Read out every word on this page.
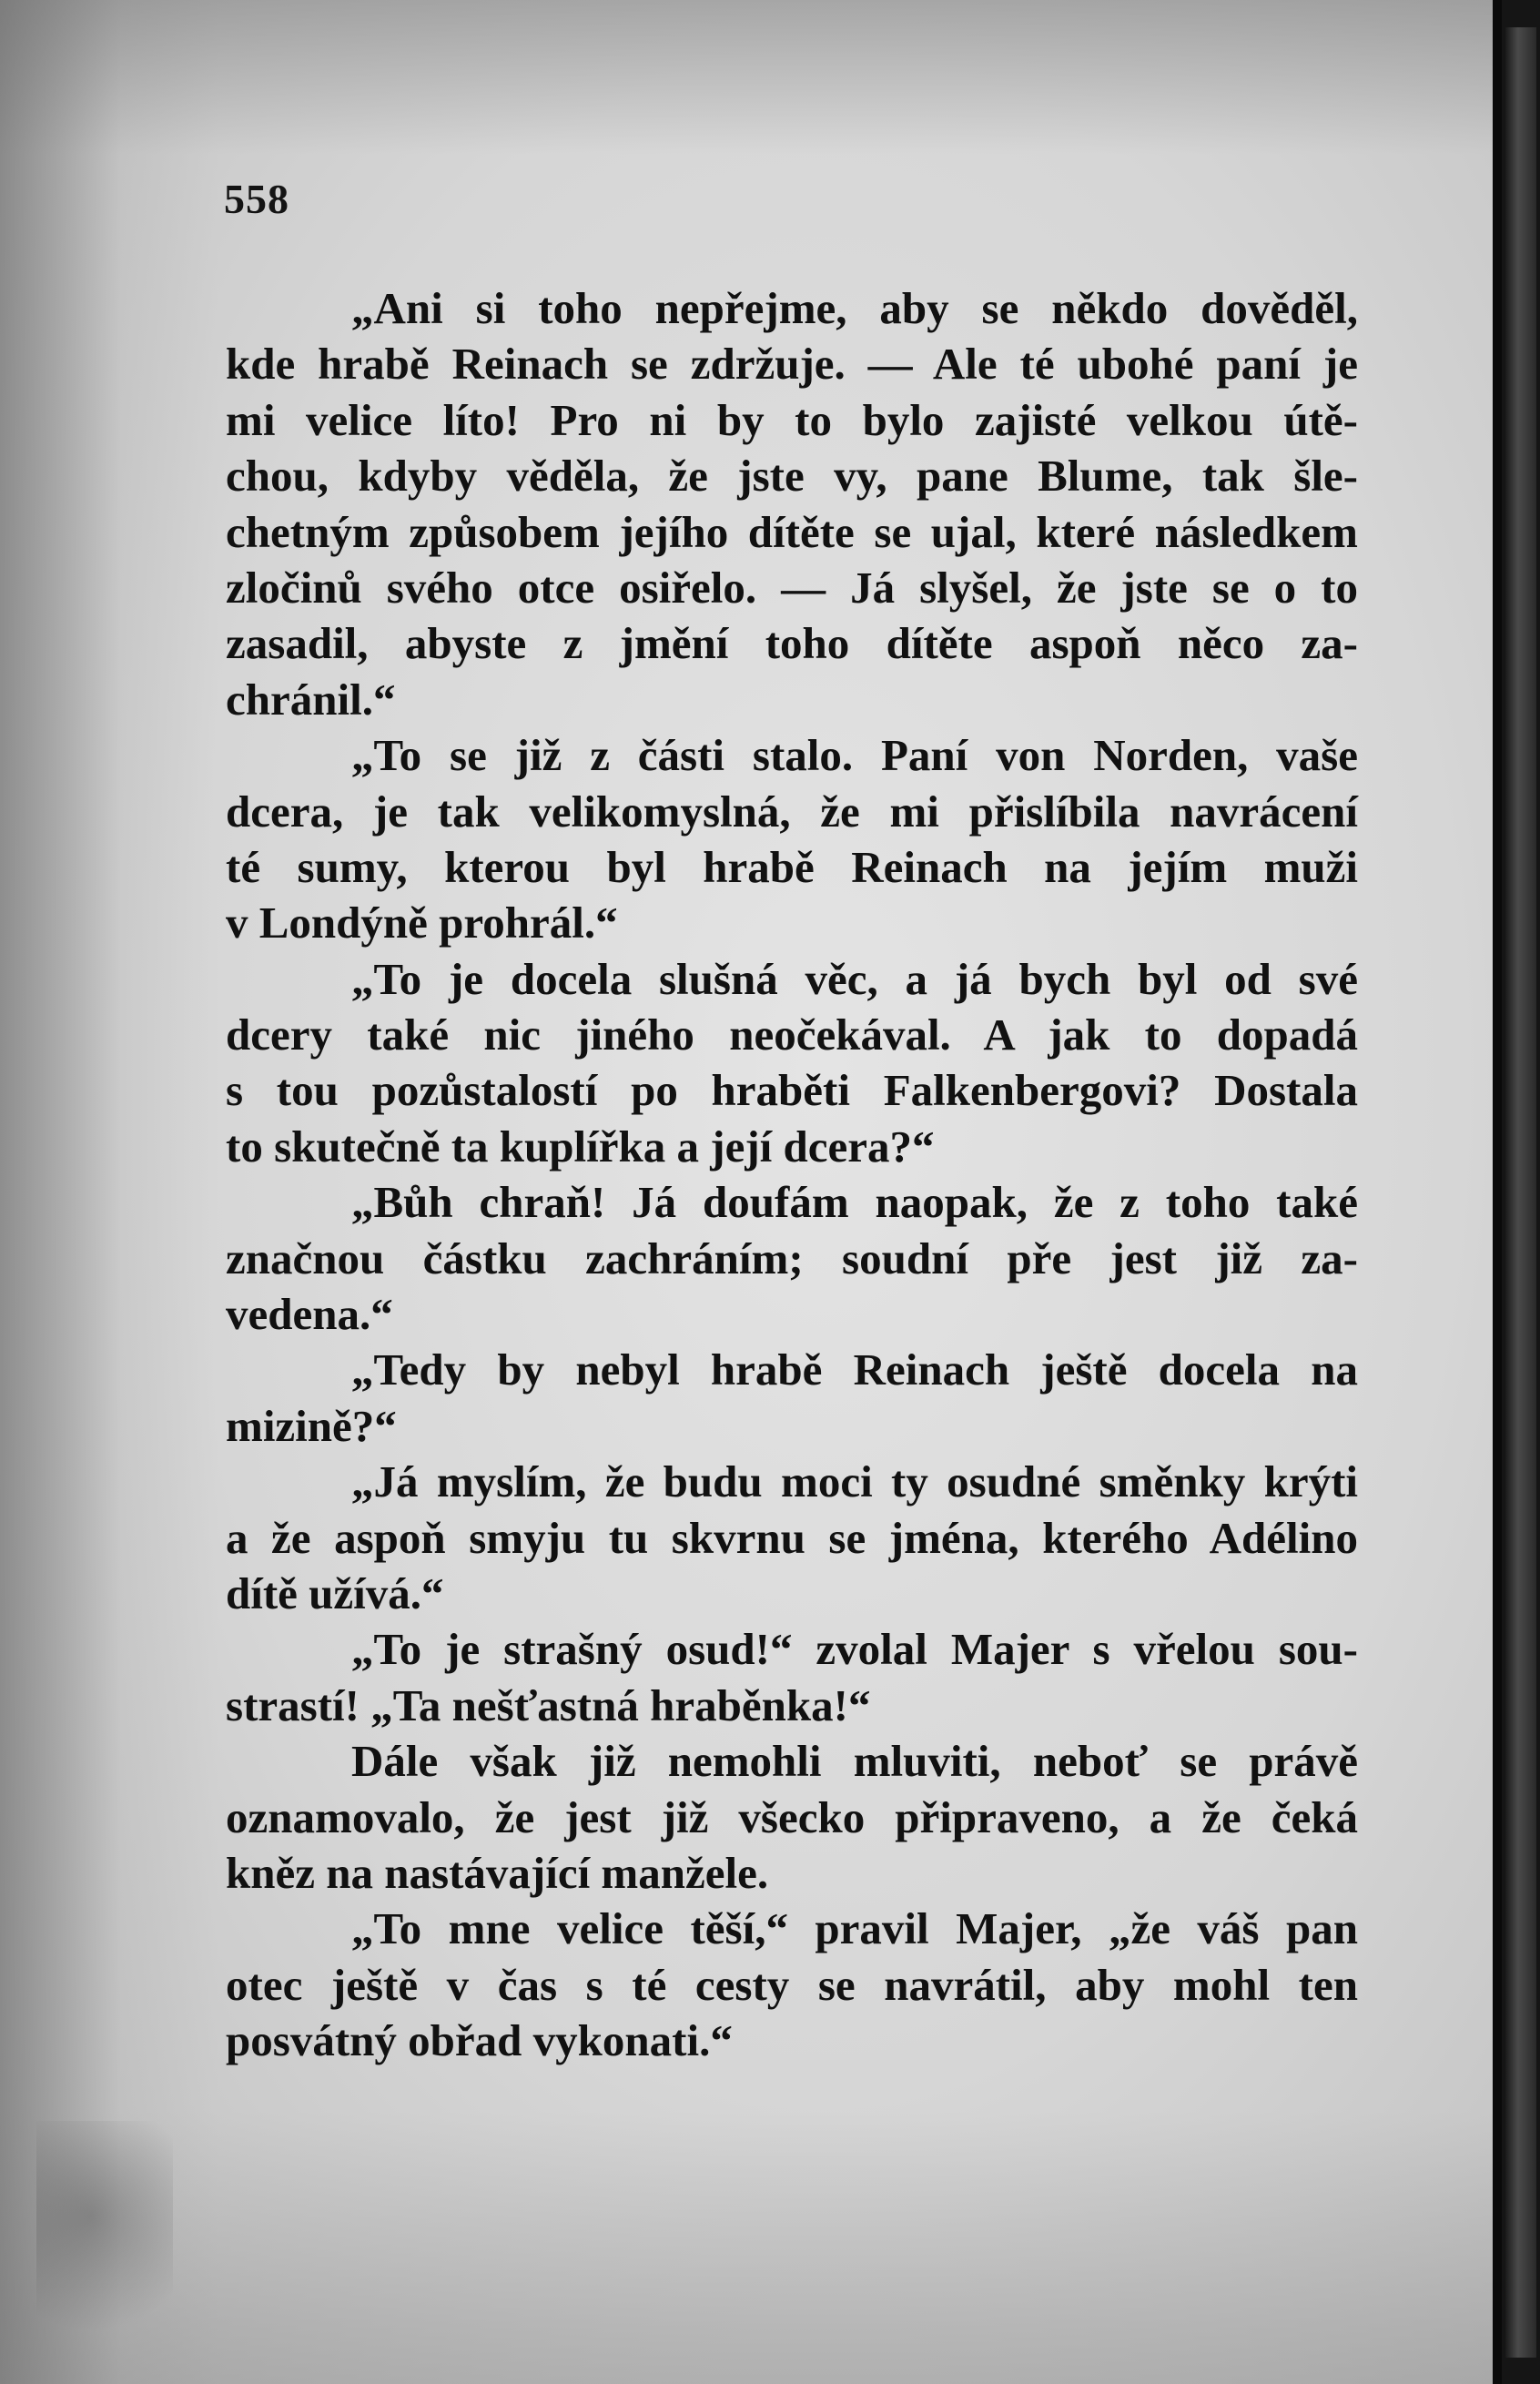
558
„Ani si toho nepřejme, aby se někdo dověděl,
kde hrabě Reinach se zdržuje. — Ale té ubohé paní je
mi velice líto! Pro ni by to bylo zajisté velkou útě-
chou, kdyby věděla, že jste vy, pane Blume, tak šle-
chetným způsobem jejího dítěte se ujal, které následkem
zločinů svého otce osiřelo. — Já slyšel, že jste se o to
zasadil, abyste z jmění toho dítěte aspoň něco za-
chránil.“
„To se již z části stalo. Paní von Norden, vaše
dcera, je tak velikomyslná, že mi přislíbila navrácení
té sumy, kterou byl hrabě Reinach na jejím muži
v Londýně prohrál.“
„To je docela slušná věc, a já bych byl od své
dcery také nic jiného neočekával. A jak to dopadá
s tou pozůstalostí po hraběti Falkenbergovi? Dostala
to skutečně ta kuplířka a její dcera?“
„Bůh chraň! Já doufám naopak, že z toho také
značnou částku zachráním; soudní pře jest již za-
vedena.“
„Tedy by nebyl hrabě Reinach ještě docela na
mizině?“
„Já myslím, že budu moci ty osudné směnky krýti
a že aspoň smyju tu skvrnu se jména, kterého Adélino
dítě užívá.“
„To je strašný osud!“ zvolal Majer s vřelou sou-
strastí! „Ta nešťastná hraběnka!“
Dále však již nemohli mluviti, neboť se právě
oznamovalo, že jest již všecko připraveno, a že čeká
kněz na nastávající manžele.
„To mne velice těší,“ pravil Majer, „že váš pan
otec ještě v čas s té cesty se navrátil, aby mohl ten
posvátný obřad vykonati.“
